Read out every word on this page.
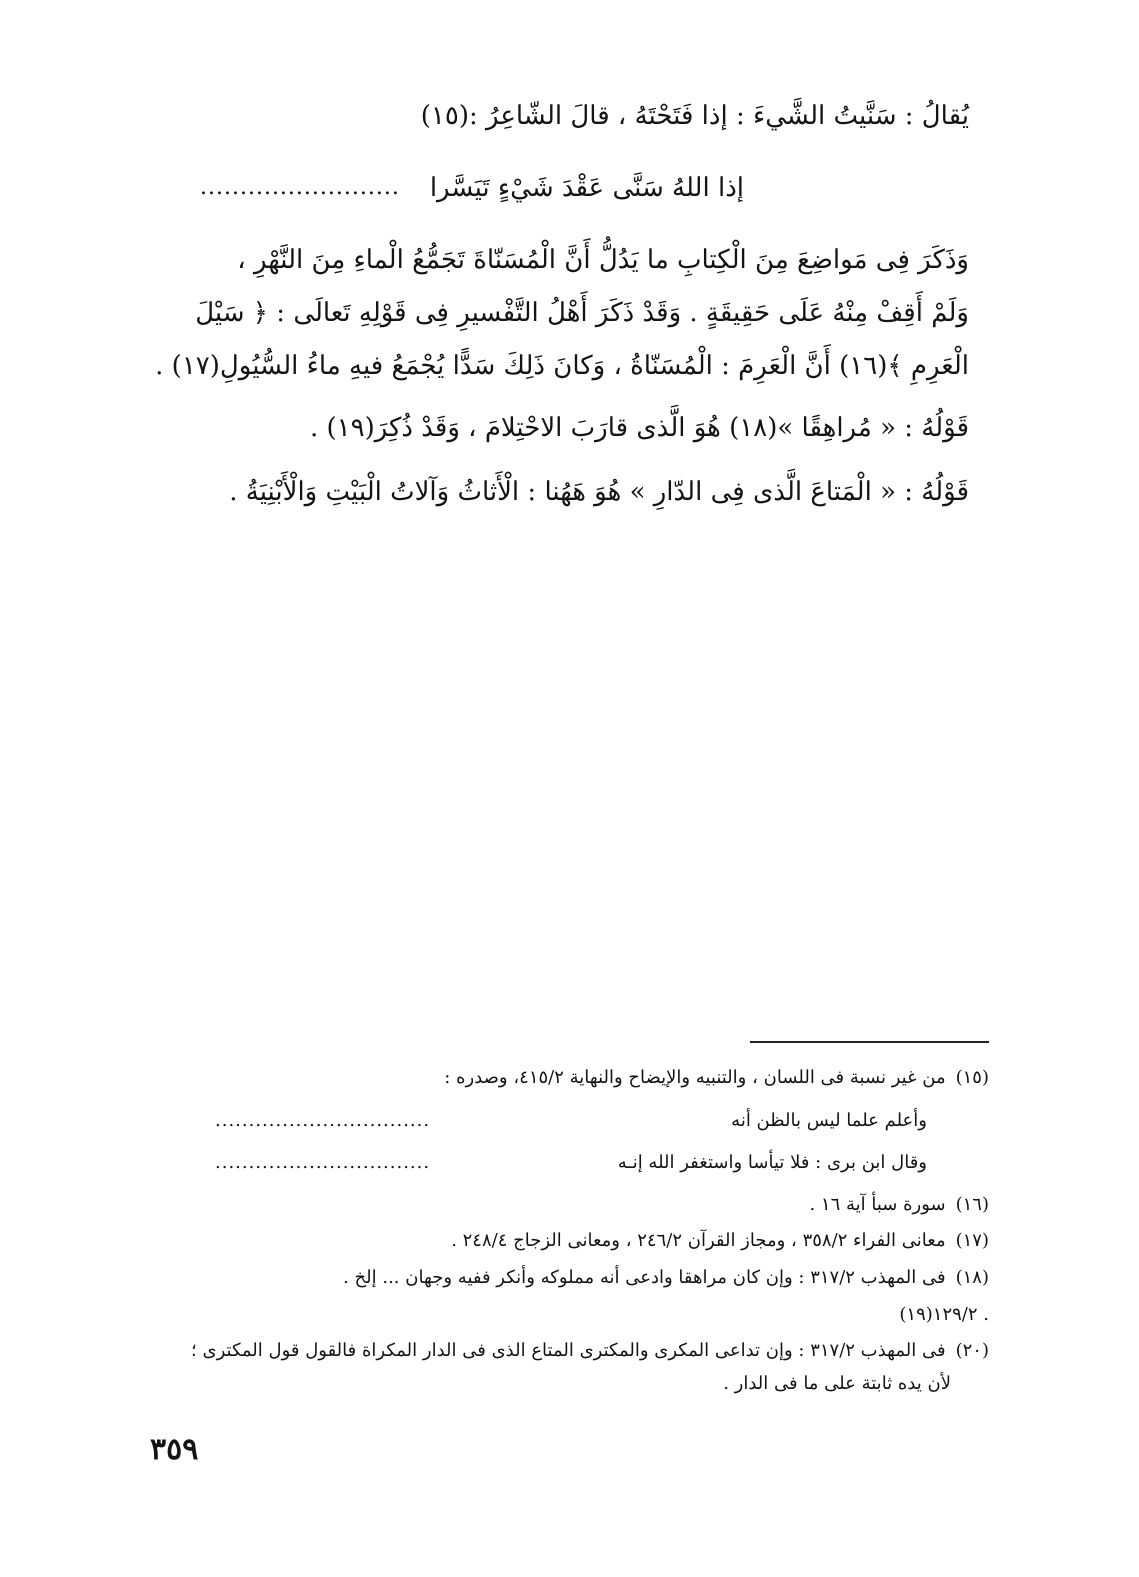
يُقالُ : سَنَّيتُ الشَّيءَ : إذا فَتَحْتَهُ ، قالَ الشّاعِرُ :(١٥)
إذا اللهُ سَنَّى عَقْدَ شَيْءٍ تَيَسَّرا
.........................
وَذَكَرَ فِى مَواضِعَ مِنَ الْكِتابِ ما يَدُلُّ أَنَّ الْمُسَنّاةَ تَجَمُّعُ الْماءِ مِنَ النَّهْرِ ،
وَلَمْ أَقِفْ مِنْهُ عَلَى حَقِيقَةٍ . وَقَدْ ذَكَرَ أَهْلُ التَّفْسيرِ فِى قَوْلِهِ تَعالَى : ﴿ سَيْلَ
الْعَرِمِ ﴾(١٦) أَنَّ الْعَرِمَ : الْمُسَنّاةُ ، وَكانَ ذَلِكَ سَدًّا يُجْمَعُ فيهِ ماءُ السُّيُولِ(١٧) .
قَوْلُهُ : « مُراهِقًا »(١٨) هُوَ الَّذى قارَبَ الاحْتِلامَ ، وَقَدْ ذُكِرَ(١٩) .
قَوْلُهُ : « الْمَتاعَ الَّذى فِى الدّارِ » هُوَ هَهُنا : الْأَثاثُ وَآلاتُ الْبَيْتِ وَالْأَبْنِيَةُ .
(١٥)من غير نسبة فى اللسان ، والتنبيه والإيضاح والنهاية ٤١٥/٢، وصدره :
وأعلم علما ليس بالظن أنه
................................
وقال ابن برى : فلا تيأسا واستغفر الله إنـه
................................
(١٦)سورة سبأ آية ١٦ .
(١٧)معانى الفراء ٣٥٨/٢ ، ومجاز القرآن ٢٤٦/٢ ، ومعانى الزجاج ٢٤٨/٤ .
(١٨)فى المهذب ٣١٧/٢ : وإن كان مراهقا وادعى أنه مملوكه وأنكر ففيه وجهان ... إلخ .
(١٩)١٢٩/٢ .
(٢٠)فى المهذب ٣١٧/٢ : وإن تداعى المكرى والمكترى المتاع الذى فى الدار المكراة فالقول قول المكترى ؛
لأن يده ثابتة على ما فى الدار .
٣٥٩
